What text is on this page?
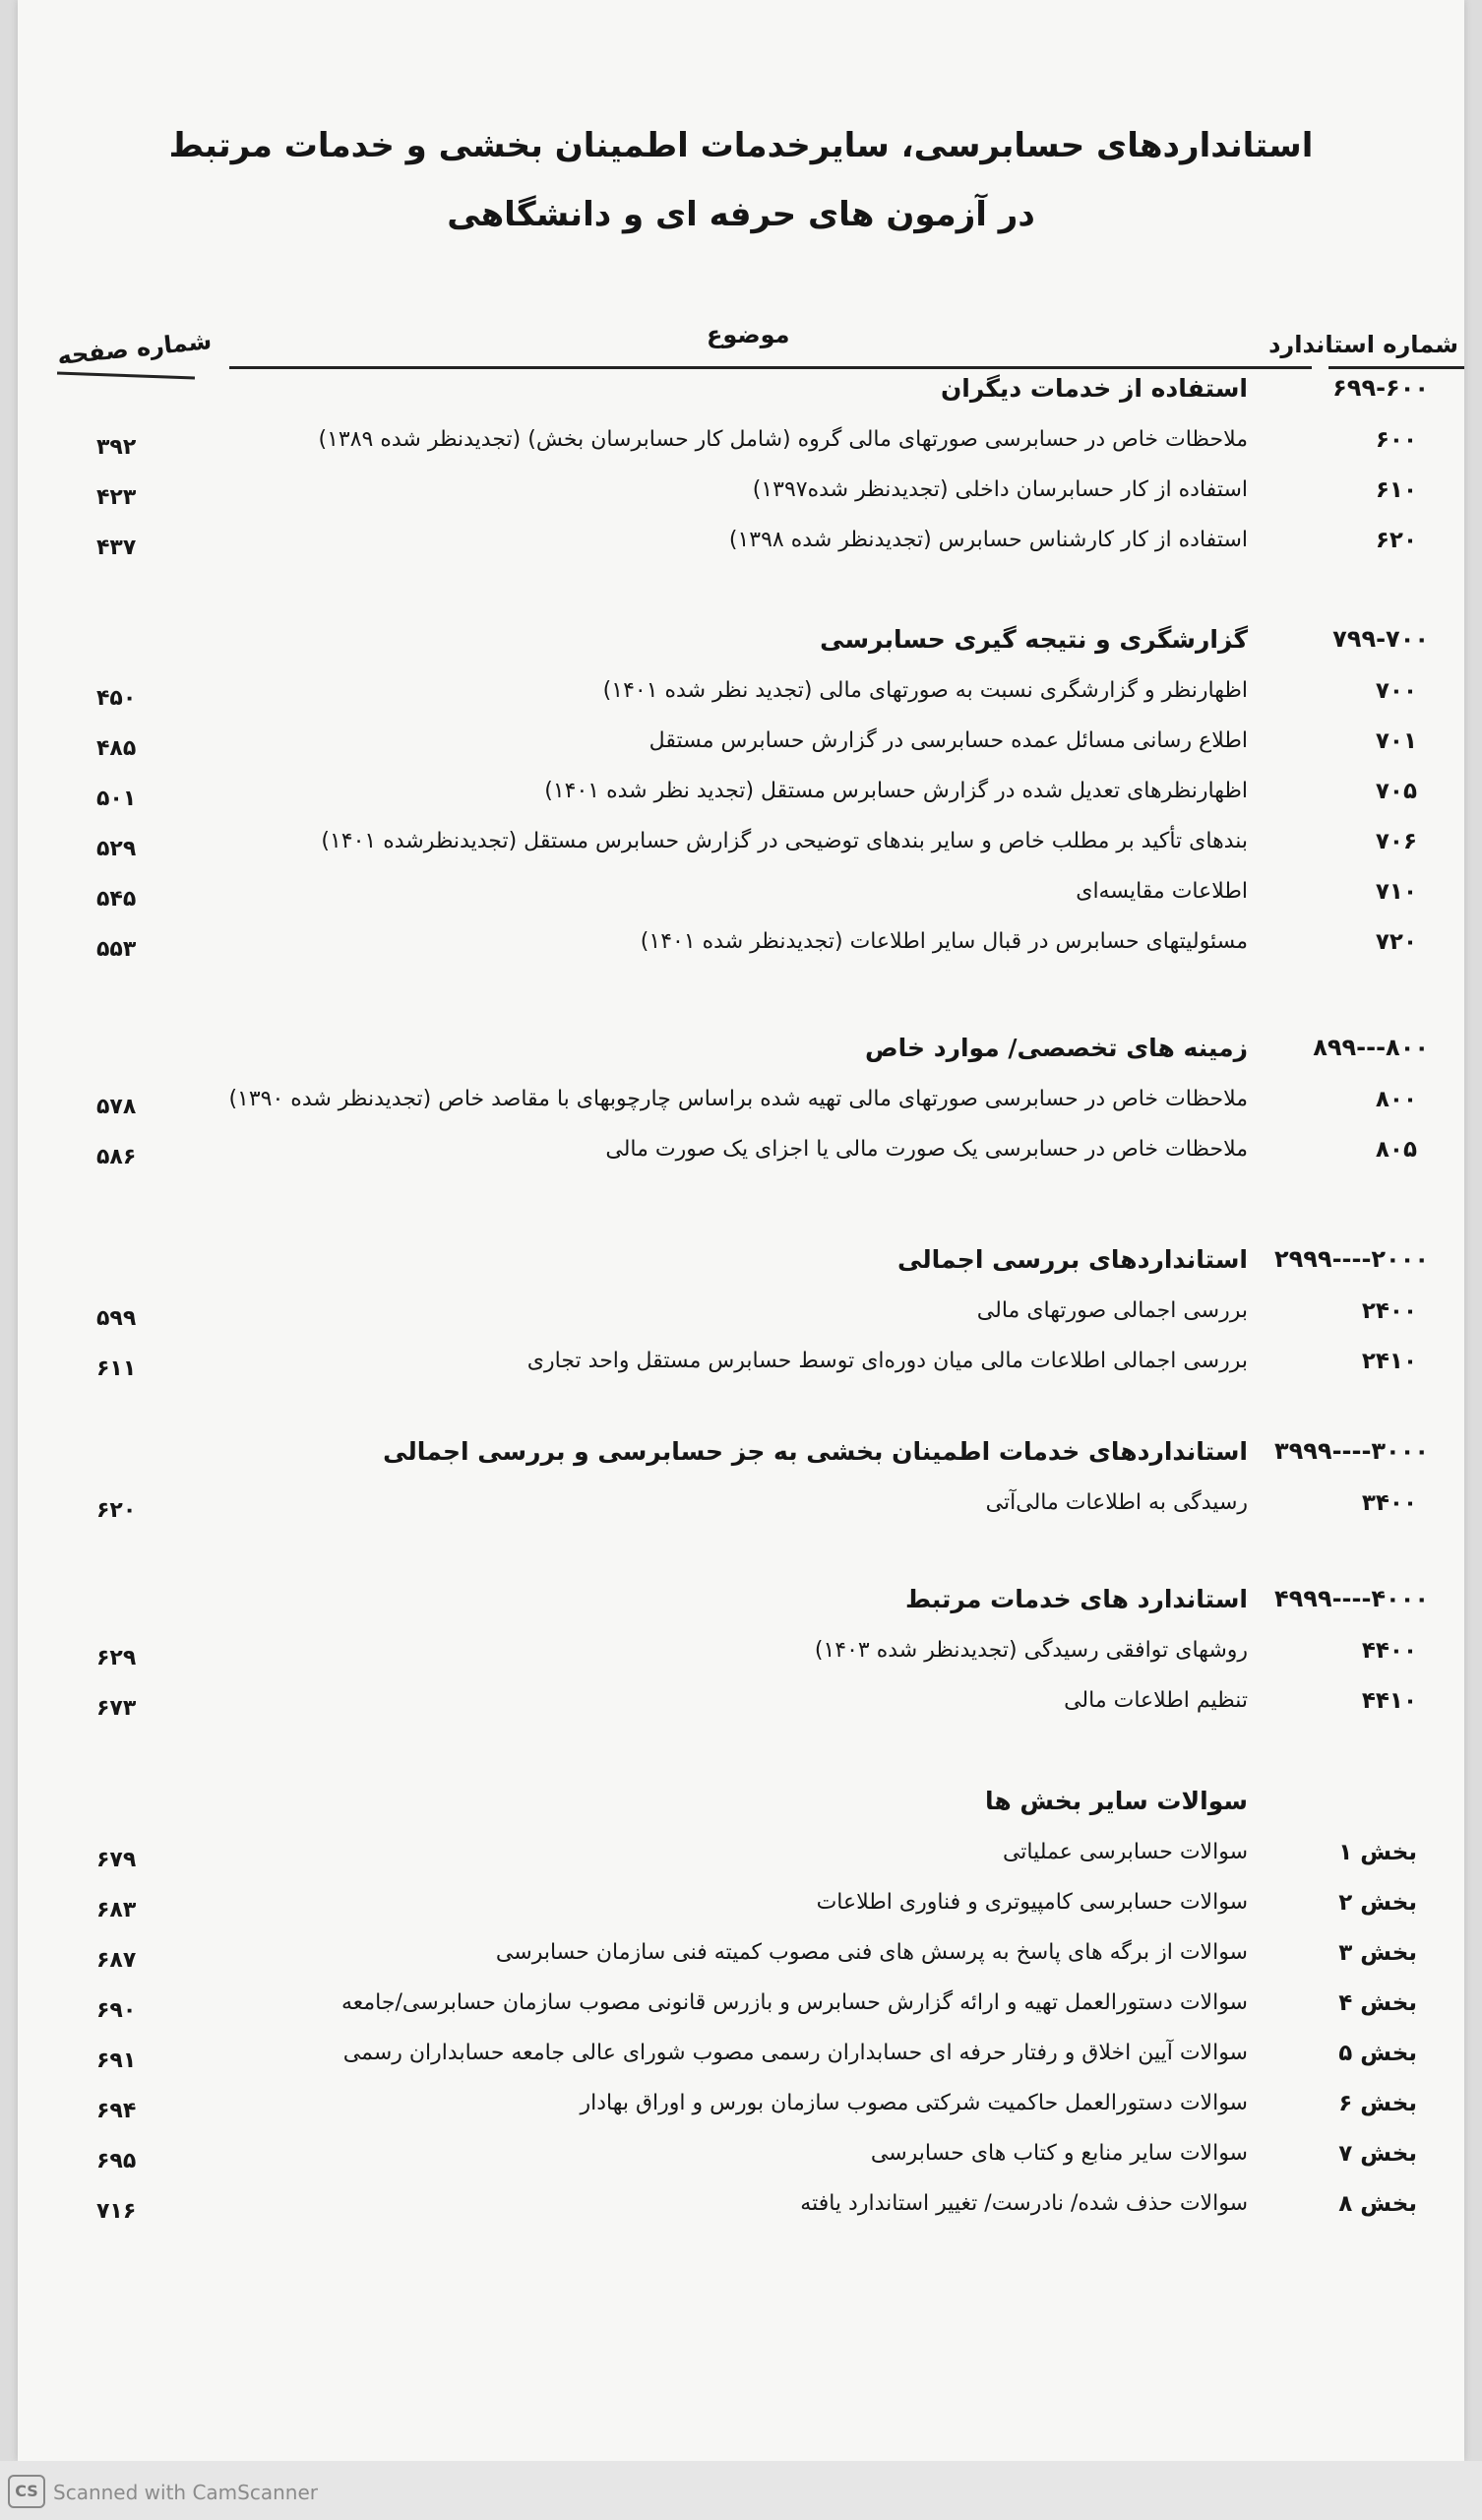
استانداردهای حسابرسی، سایرخدمات اطمینان بخشی و خدمات مرتبط
در آزمون های حرفه ای و دانشگاهی
شماره استاندارد
موضوع
شماره صفحه
۶۹۹-۶۰۰
استفاده از خدمات دیگران
۶۰۰
ملاحظات خاص در حسابرسی صورتهای مالی گروه (شامل کار حسابرسان بخش) (تجدیدنظر شده ۱۳۸۹)
۳۹۲
۶۱۰
استفاده از کار حسابرسان داخلی (تجدیدنظر شده۱۳۹۷)
۴۲۳
۶۲۰
استفاده از کار کارشناس حسابرس (تجدیدنظر شده ۱۳۹۸)
۴۳۷
۷۹۹-۷۰۰
گزارشگری و نتیجه گیری حسابرسی
۷۰۰
اظهارنظر و گزارشگری نسبت به صورتهای مالی (تجدید نظر شده ۱۴۰۱)
۴۵۰
۷۰۱
اطلاع رسانی مسائل عمده حسابرسی در گزارش حسابرس مستقل
۴۸۵
۷۰۵
اظهارنظرهای تعدیل شده در گزارش حسابرس مستقل (تجدید نظر شده ۱۴۰۱)
۵۰۱
۷۰۶
بندهای تأکید بر مطلب خاص و سایر بندهای توضیحی در گزارش حسابرس مستقل (تجدیدنظرشده ۱۴۰۱)
۵۲۹
۷۱۰
اطلاعات مقایسه‌ای
۵۴۵
۷۲۰
مسئولیتهای حسابرس در قبال سایر اطلاعات (تجدیدنظر شده ۱۴۰۱)
۵۵۳
۸۹۹---۸۰۰
زمینه های تخصصی/ موارد خاص
۸۰۰
ملاحظات خاص در حسابرسی صورتهای مالی تهیه شده براساس چارچوبهای با مقاصد خاص (تجدیدنظر شده ۱۳۹۰)
۵۷۸
۸۰۵
ملاحظات خاص در حسابرسی یک صورت مالی یا اجزای یک صورت مالی
۵۸۶
۲۹۹۹----۲۰۰۰
استانداردهای بررسی اجمالی
۲۴۰۰
بررسی اجمالی صورتهای مالی
۵۹۹
۲۴۱۰
بررسی اجمالی اطلاعات مالی میان دوره‌ای توسط حسابرس مستقل واحد تجاری
۶۱۱
۳۹۹۹----۳۰۰۰
استانداردهای خدمات اطمینان بخشی به جز حسابرسی و بررسی اجمالی
۳۴۰۰
رسیدگی به اطلاعات مالی‌آتی
۶۲۰
۴۹۹۹----۴۰۰۰
استاندارد های خدمات مرتبط
۴۴۰۰
روشهای توافقی رسیدگی (تجدیدنظر شده ۱۴۰۳)
۶۲۹
۴۴۱۰
تنظیم اطلاعات مالی
۶۷۳
سوالات سایر بخش ها
بخش ۱
سوالات حسابرسی عملیاتی
۶۷۹
بخش ۲
سوالات حسابرسی کامپیوتری و فناوری اطلاعات
۶۸۳
بخش ۳
سوالات از برگه های پاسخ به پرسش های فنی مصوب کمیته فنی سازمان حسابرسی
۶۸۷
بخش ۴
سوالات دستورالعمل تهیه و ارائه گزارش حسابرس و بازرس قانونی مصوب سازمان حسابرسی/جامعه
۶۹۰
بخش ۵
سوالات آیین اخلاق و رفتار حرفه ای حسابداران رسمی مصوب شورای عالی جامعه حسابداران رسمی
۶۹۱
بخش ۶
سوالات دستورالعمل حاکمیت شرکتی مصوب سازمان بورس و اوراق بهادار
۶۹۴
بخش ۷
سوالات سایر منابع و کتاب های حسابرسی
۶۹۵
بخش ۸
سوالات حذف شده/ نادرست/ تغییر استاندارد یافته
۷۱۶
CS Scanned with CamScanner
